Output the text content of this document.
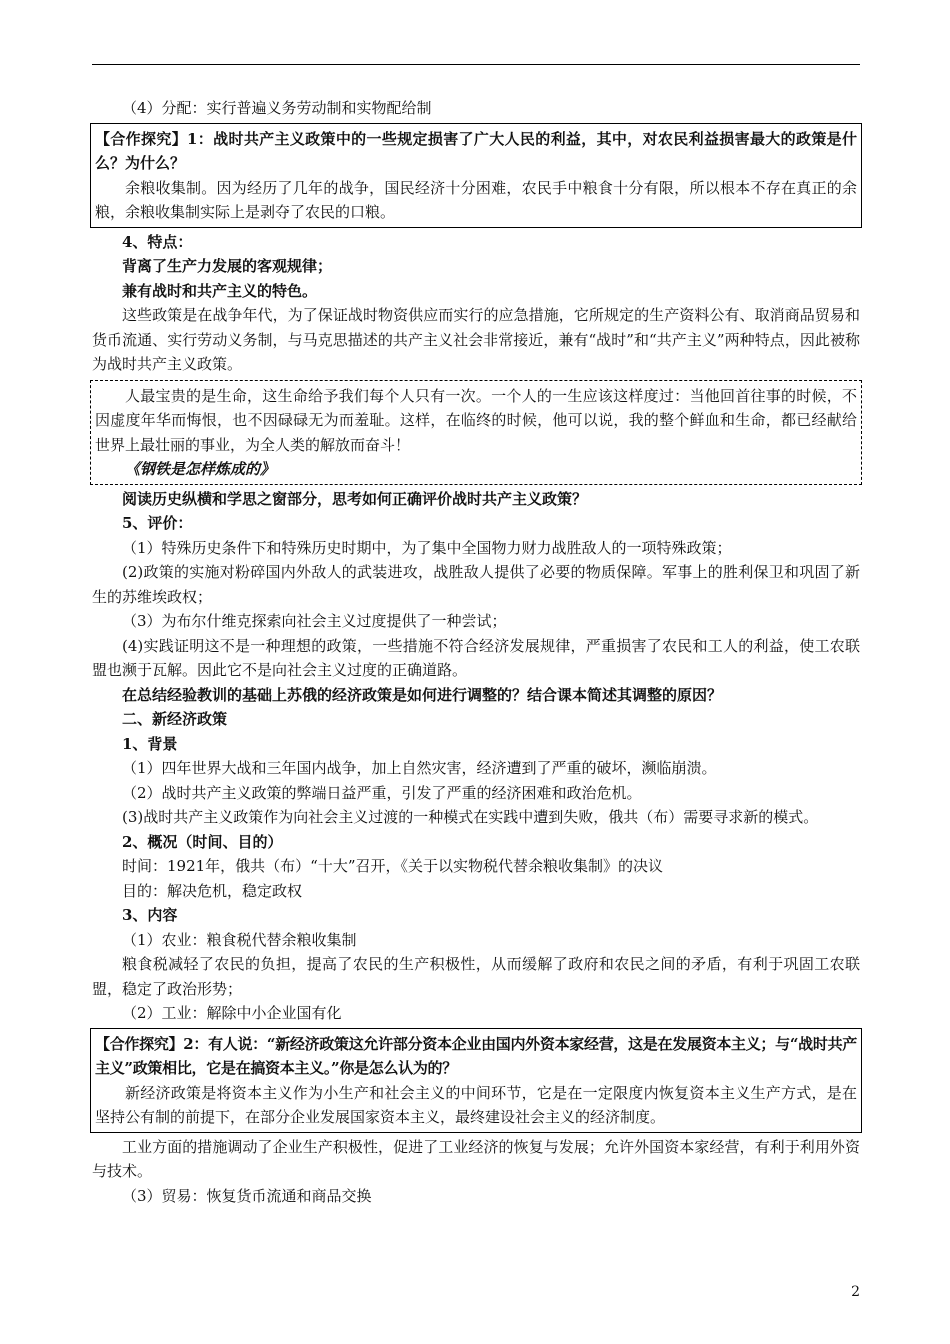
（4）分配：实行普遍义务劳动制和实物配给制

【合作探究】1：战时共产主义政策中的一些规定损害了广大人民的利益，其中，对农民利益损害最大的政策是什么？为什么？

余粮收集制。因为经历了几年的战争，国民经济十分困难，农民手中粮食十分有限，所以根本不存在真正的余粮，余粮收集制实际上是剥夺了农民的口粮。

4、特点：

背离了生产力发展的客观规律；

兼有战时和共产主义的特色。

这些政策是在战争年代，为了保证战时物资供应而实行的应急措施，它所规定的生产资料公有、取消商品贸易和货币流通、实行劳动义务制，与马克思描述的共产主义社会非常接近，兼有“战时”和“共产主义”两种特点，因此被称为战时共产主义政策。

人最宝贵的是生命，这生命给予我们每个人只有一次。一个人的一生应该这样度过：当他回首往事的时候，不因虚度年华而悔恨，也不因碌碌无为而羞耻。这样，在临终的时候，他可以说，我的整个鲜血和生命，都已经献给世界上最壮丽的事业，为全人类的解放而奋斗！

《钢铁是怎样炼成的》

阅读历史纵横和学思之窗部分，思考如何正确评价战时共产主义政策？

5、评价：

（1）特殊历史条件下和特殊历史时期中，为了集中全国物力财力战胜敌人的一项特殊政策；

(2)政策的实施对粉碎国内外敌人的武装进攻，战胜敌人提供了必要的物质保障。军事上的胜利保卫和巩固了新生的苏维埃政权；

（3）为布尔什维克探索向社会主义过度提供了一种尝试；

(4)实践证明这不是一种理想的政策，一些措施不符合经济发展规律，严重损害了农民和工人的利益，使工农联盟也濒于瓦解。因此它不是向社会主义过度的正确道路。

在总结经验教训的基础上苏俄的经济政策是如何进行调整的？结合课本简述其调整的原因？

二、新经济政策

1、背景

（1）四年世界大战和三年国内战争，加上自然灾害，经济遭到了严重的破坏，濒临崩溃。

（2）战时共产主义政策的弊端日益严重，引发了严重的经济困难和政治危机。

(3)战时共产主义政策作为向社会主义过渡的一种模式在实践中遭到失败，俄共（布）需要寻求新的模式。

2、概况（时间、目的）

时间：1921年，俄共（布）“十大”召开，《关于以实物税代替余粮收集制》的决议

目的：解决危机，稳定政权

3、内容

（1）农业：粮食税代替余粮收集制

粮食税减轻了农民的负担，提高了农民的生产积极性，从而缓解了政府和农民之间的矛盾，有利于巩固工农联盟，稳定了政治形势；

（2）工业：解除中小企业国有化

【合作探究】2：有人说：“新经济政策这允许部分资本企业由国内外资本家经营，这是在发展资本主义；与“战时共产主义”政策相比，它是在搞资本主义。”你是怎么认为的？

新经济政策是将资本主义作为小生产和社会主义的中间环节，它是在一定限度内恢复资本主义生产方式，是在坚持公有制的前提下，在部分企业发展国家资本主义，最终建设社会主义的经济制度。

工业方面的措施调动了企业生产积极性，促进了工业经济的恢复与发展；允许外国资本家经营，有利于利用外资与技术。

（3）贸易：恢复货币流通和商品交换

2
